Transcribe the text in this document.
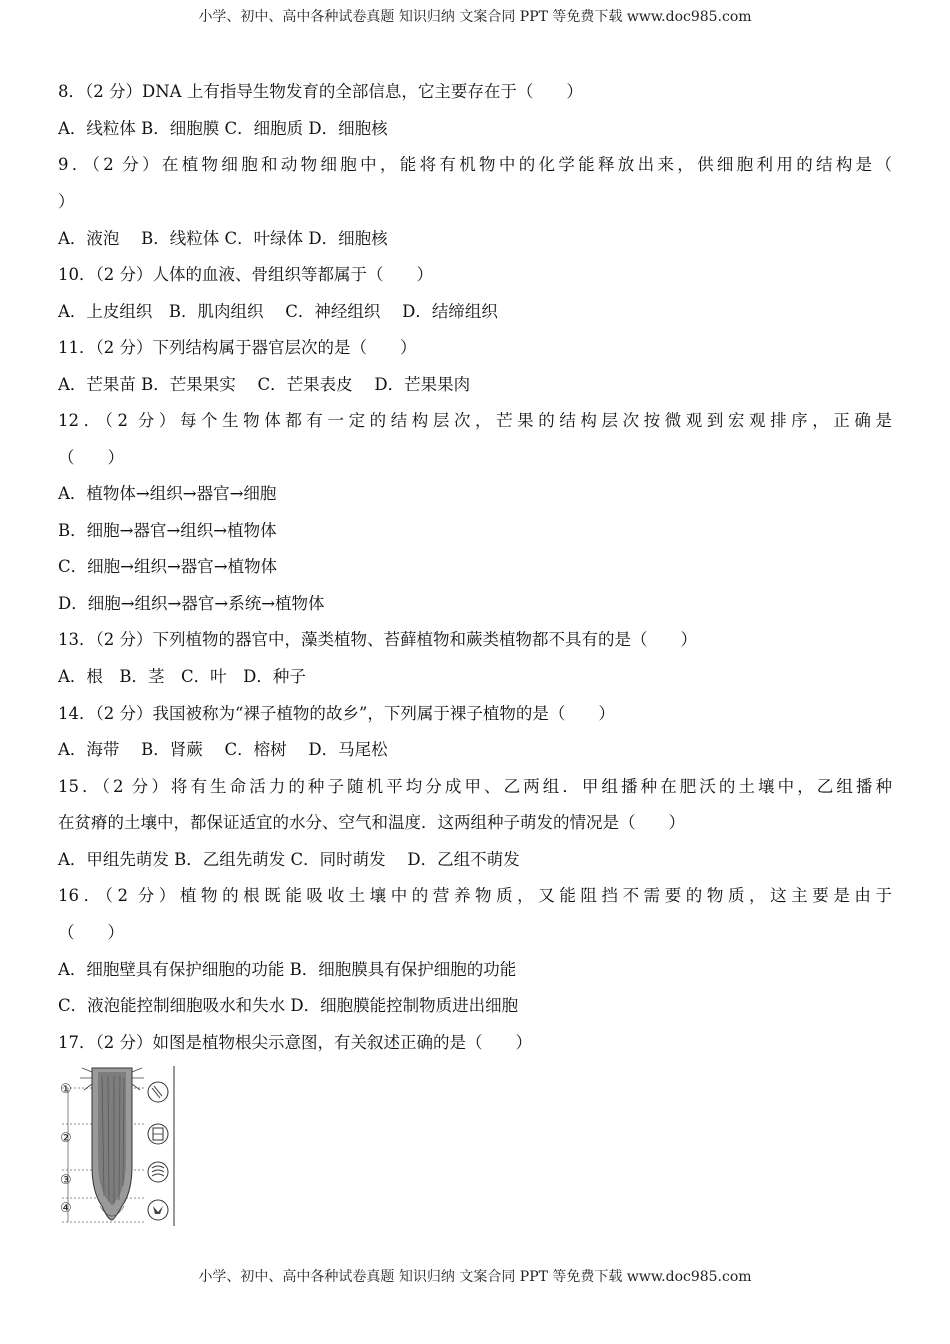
小学、初中、高中各种试卷真题 知识归纳 文案合同 PPT 等免费下载 www.doc985.com
8．（2 分）DNA 上有指导生物发育的全部信息，它主要存在于（　　）
A．线粒体 B．细胞膜 C．细胞质 D．细胞核
9．（2 分）在植物细胞和动物细胞中，能将有机物中的化学能释放出来，供细胞利用的结构是（
）
A．液泡　 B．线粒体 C．叶绿体 D．细胞核
10．（2 分）人体的血液、骨组织等都属于（　　）
A．上皮组织　B．肌肉组织　 C．神经组织　 D．结缔组织
11．（2 分）下列结构属于器官层次的是（　　）
A．芒果苗 B．芒果果实　 C．芒果表皮　 D．芒果果肉
12．（2 分）每个生物体都有一定的结构层次，芒果的结构层次按微观到宏观排序，正确是
（　　）
A．植物体→组织→器官→细胞
B．细胞→器官→组织→植物体
C．细胞→组织→器官→植物体
D．细胞→组织→器官→系统→植物体
13．（2 分）下列植物的器官中，藻类植物、苔藓植物和蕨类植物都不具有的是（　　）
A．根　B．茎　C．叶　D．种子
14．（2 分）我国被称为“裸子植物的故乡”，下列属于裸子植物的是（　　）
A．海带　 B．肾蕨　 C．榕树　 D．马尾松
15．（2 分）将有生命活力的种子随机平均分成甲、乙两组．甲组播种在肥沃的土壤中，乙组播种
在贫瘠的土壤中，都保证适宜的水分、空气和温度．这两组种子萌发的情况是（　　）
A．甲组先萌发 B．乙组先萌发 C．同时萌发　 D．乙组不萌发
16．（2 分）植物的根既能吸收土壤中的营养物质，又能阻挡不需要的物质，这主要是由于
（　　）
A．细胞壁具有保护细胞的功能 B．细胞膜具有保护细胞的功能
C．液泡能控制细胞吸水和失水 D．细胞膜能控制物质进出细胞
17．（2 分）如图是植物根尖示意图，有关叙述正确的是（　　）
①
②
③
④
小学、初中、高中各种试卷真题 知识归纳 文案合同 PPT 等免费下载 www.doc985.com
